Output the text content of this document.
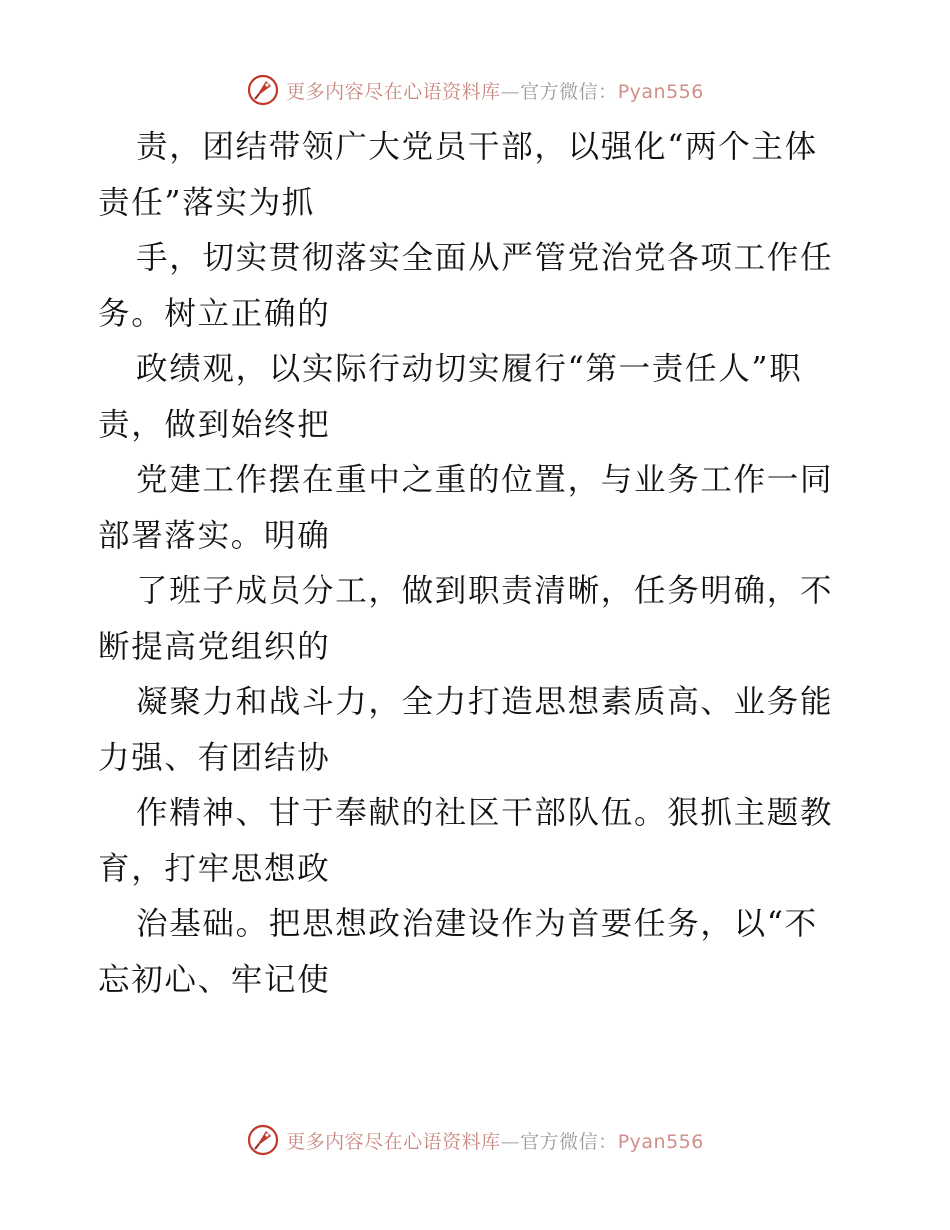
更多内容尽在心语资料库—官方微信：Pyan556
责，团结带领广大党员干部，以强化“两个主体
责任”落实为抓
手，切实贯彻落实全面从严管党治党各项工作任
务。树立正确的
政绩观，以实际行动切实履行“第一责任人”职
责，做到始终把
党建工作摆在重中之重的位置，与业务工作一同
部署落实。明确
了班子成员分工，做到职责清晰，任务明确，不
断提高党组织的
凝聚力和战斗力，全力打造思想素质高、业务能
力强、有团结协
作精神、甘于奉献的社区干部队伍。狠抓主题教
育，打牢思想政
治基础。把思想政治建设作为首要任务，以“不
忘初心、牢记使
更多内容尽在心语资料库—官方微信：Pyan556
